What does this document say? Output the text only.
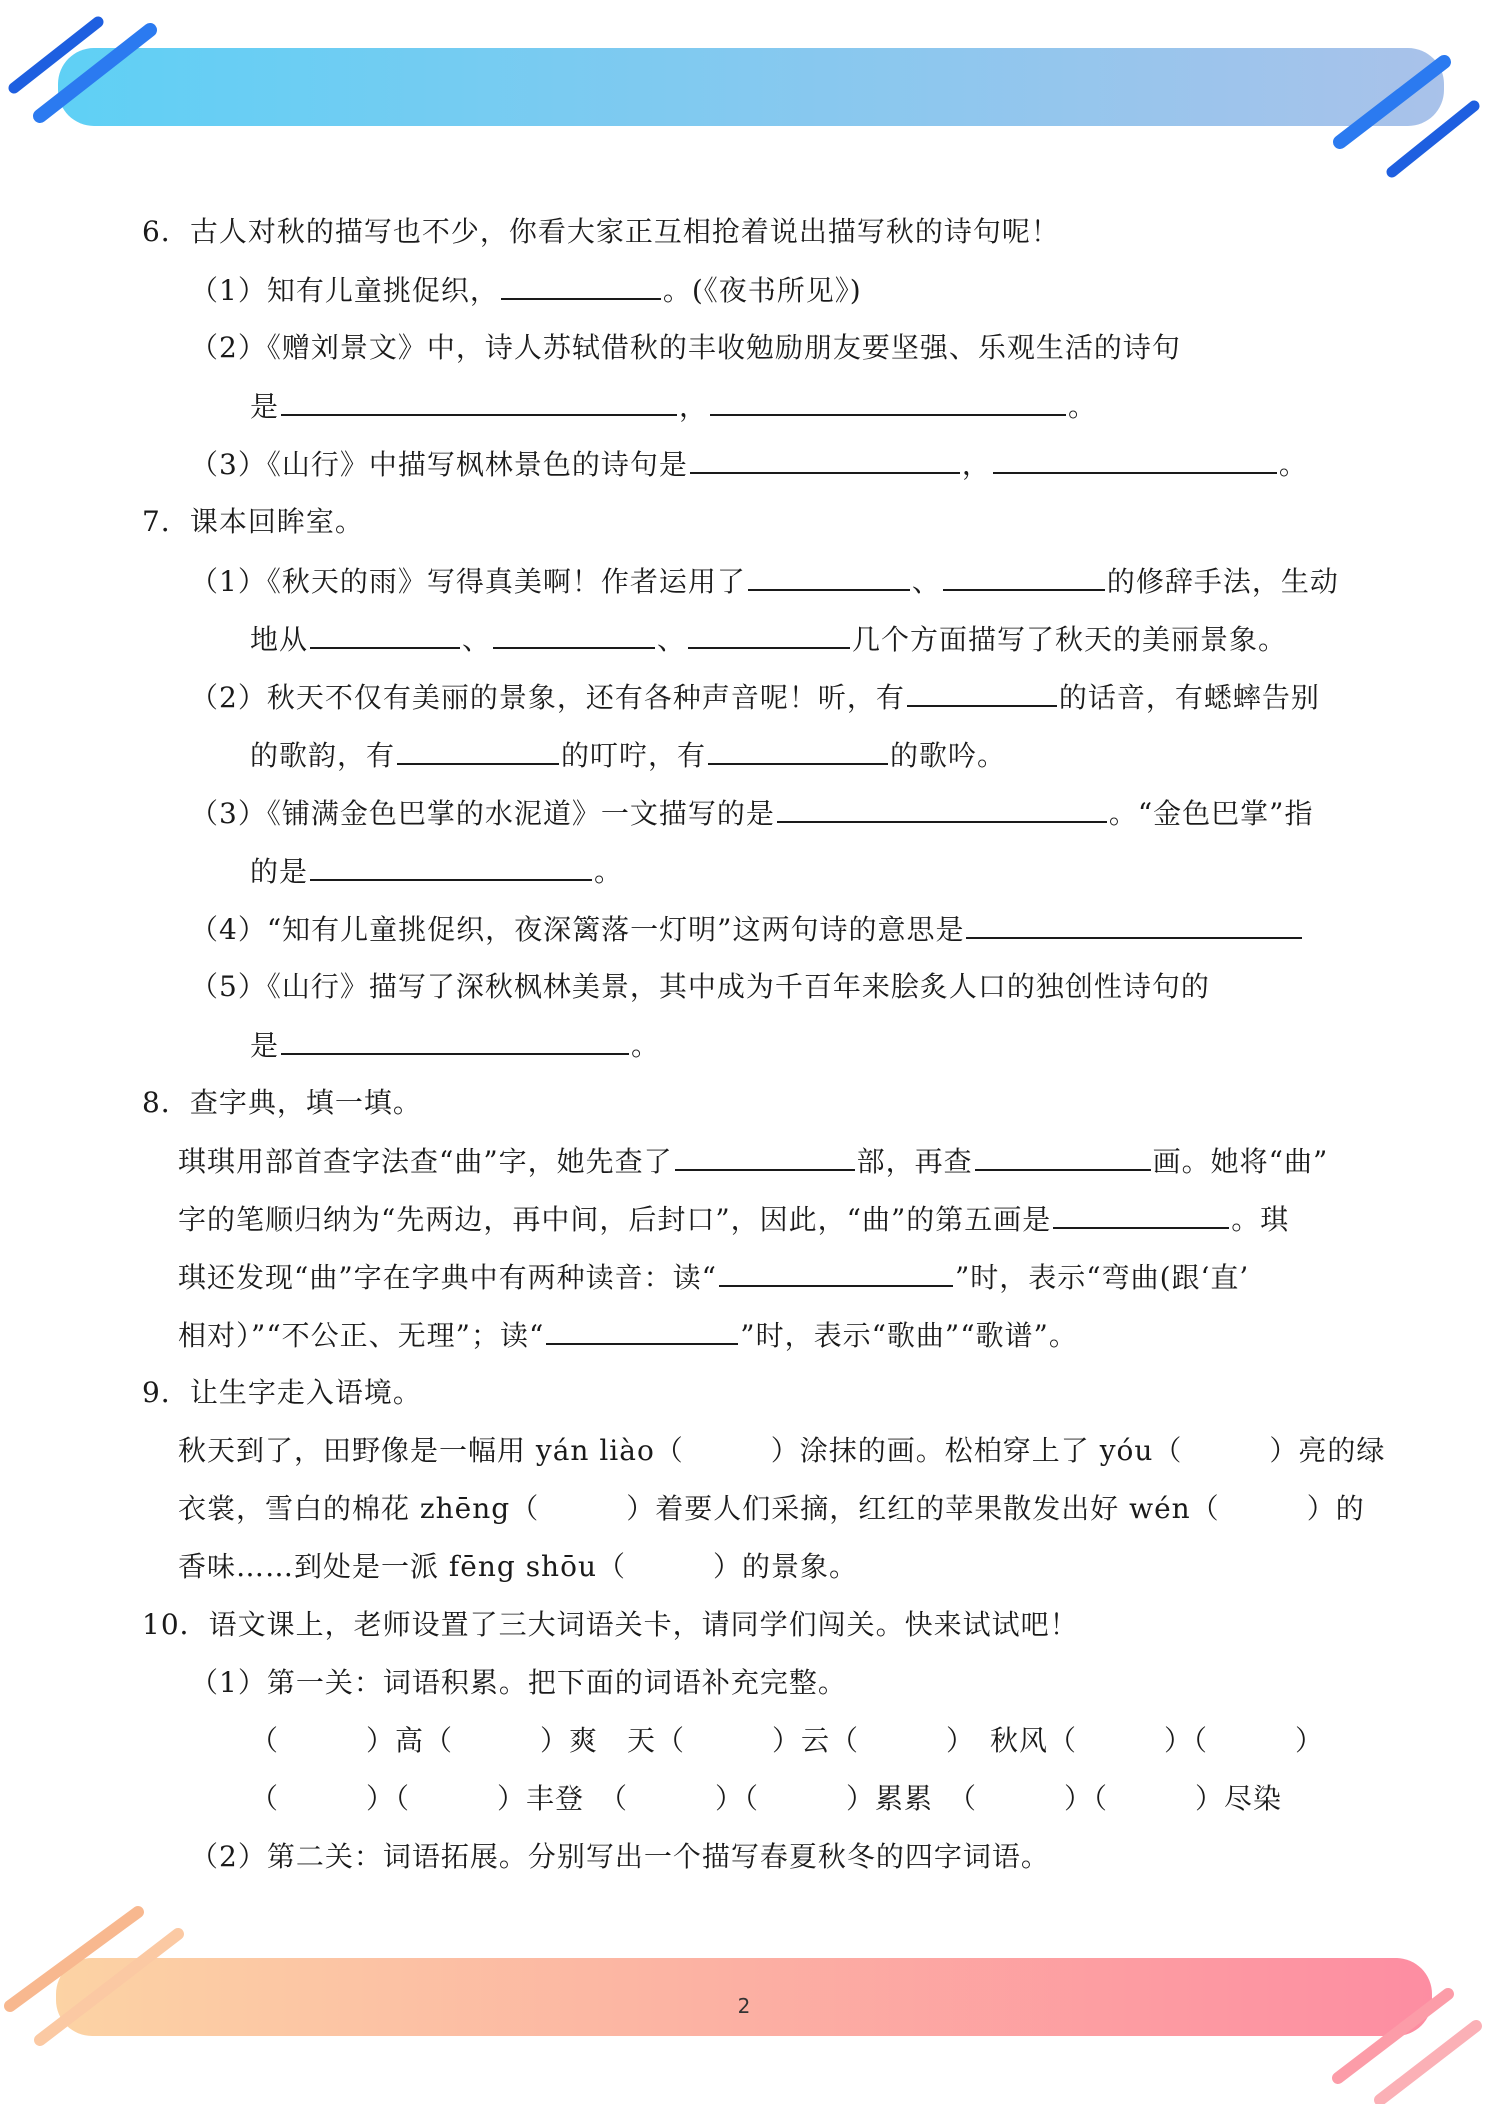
6．古人对秋的描写也不少，你看大家正互相抢着说出描写秋的诗句呢！
（1）知有儿童挑促织，	。(《夜书所见》)
（2）《赠刘景文》中，诗人苏轼借秋的丰收勉励朋友要坚强、乐观生活的诗句
是	，	。
（3）《山行》中描写枫林景色的诗句是	，	。
7．课本回眸室。
（1）《秋天的雨》写得真美啊！作者运用了	、	的修辞手法，生动
地从	、	、	几个方面描写了秋天的美丽景象。
（2）秋天不仅有美丽的景象，还有各种声音呢！听，有	的话音，有蟋蟀告别
的歌韵，有	的叮咛，有	的歌吟。
（3）《铺满金色巴掌的水泥道》一文描写的是	。“金色巴掌”指
的是	。
（4）“知有儿童挑促织，夜深篱落一灯明”这两句诗的意思是
（5）《山行》描写了深秋枫林美景，其中成为千百年来脍炙人口的独创性诗句的
是	。
8．查字典，填一填。
琪琪用部首查字法查“曲”字，她先查了	部，再查	画。她将“曲”
字的笔顺归纳为“先两边，再中间，后封口”，因此，“曲”的第五画是	。琪
琪还发现“曲”字在字典中有两种读音：读“	”时，表示“弯曲(跟‘直’
相对）”“不公正、无理”；读“	”时，表示“歌曲”“歌谱”。
9．让生字走入语境。
秋天到了，田野像是一幅用 yán liào（　　　）涂抹的画。松柏穿上了 yóu（　　　）亮的绿
衣裳，雪白的棉花 zhēng（　　　）着要人们采摘，红红的苹果散发出好 wén（　　　）的
香味……到处是一派 fēng shōu（　　　）的景象。
10．语文课上，老师设置了三大词语关卡，请同学们闯关。快来试试吧！
（1）第一关：词语积累。把下面的词语补充完整。
（　　　）高（　　　）爽　天（　　　）云（　　　）　秋风（　　　）（　　　）
（　　　）（　　　）丰登　（　　　）（　　　）累累　（　　　）（　　　）尽染
（2）第二关：词语拓展。分别写出一个描写春夏秋冬的四字词语。
2
